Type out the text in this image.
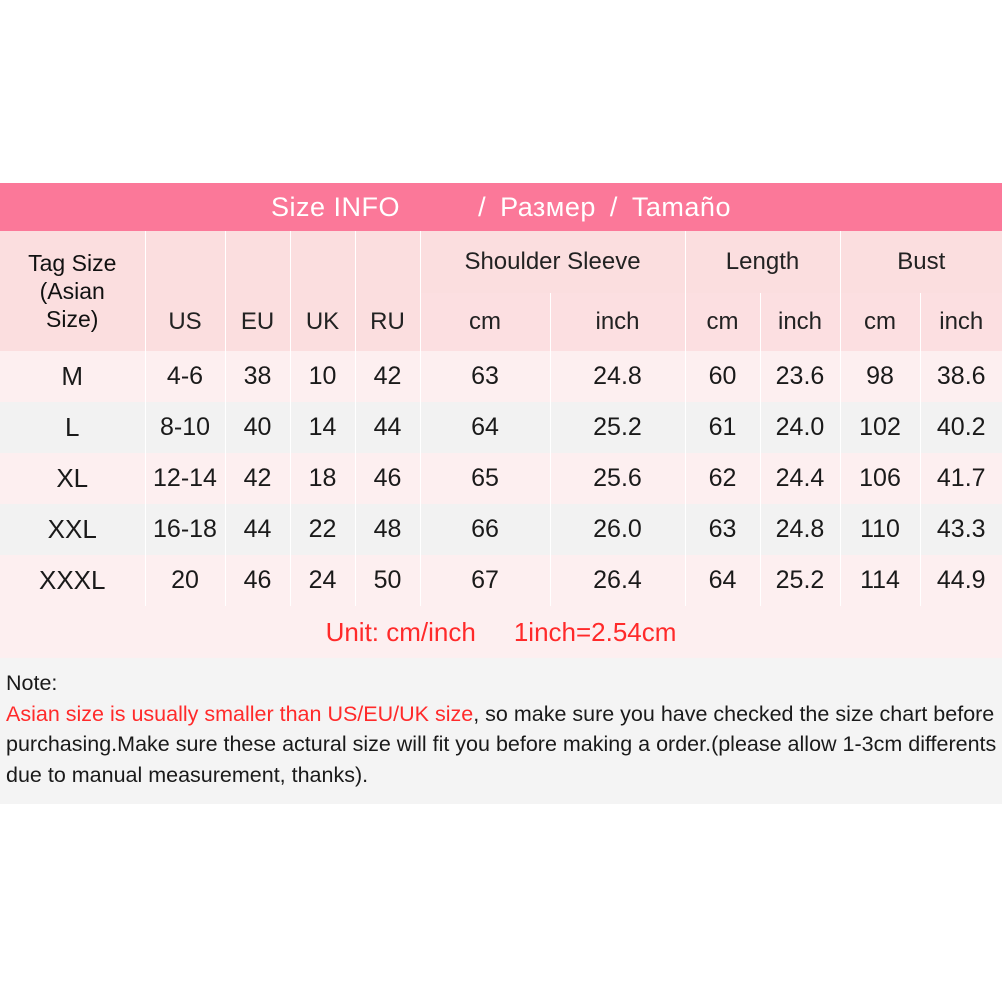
Size INFO	/ Размер / Tamaño
Tag Size
(Asian
Size)					Shoulder Sleeve		Length		Bust	
	US	EU	UK	RU	cm	inch	cm	inch	cm	inch
M	4-6	38	10	42	63	24.8	60	23.6	98	38.6
L	8-10	40	14	44	64	25.2	61	24.0	102	40.2
XL	12-14	42	18	46	65	25.6	62	24.4	106	41.7
XXL	16-18	44	22	48	66	26.0	63	24.8	110	43.3
XXXL	20	46	24	50	67	26.4	64	25.2	114	44.9
Unit: cm/inch 1inch=2.54cm
Note:
Asian size is usually smaller than US/EU/UK size, so make sure you have checked the size chart before purchasing.Make sure these actural size will fit you before making a order.(please allow 1-3cm differents due to manual measurement, thanks).
